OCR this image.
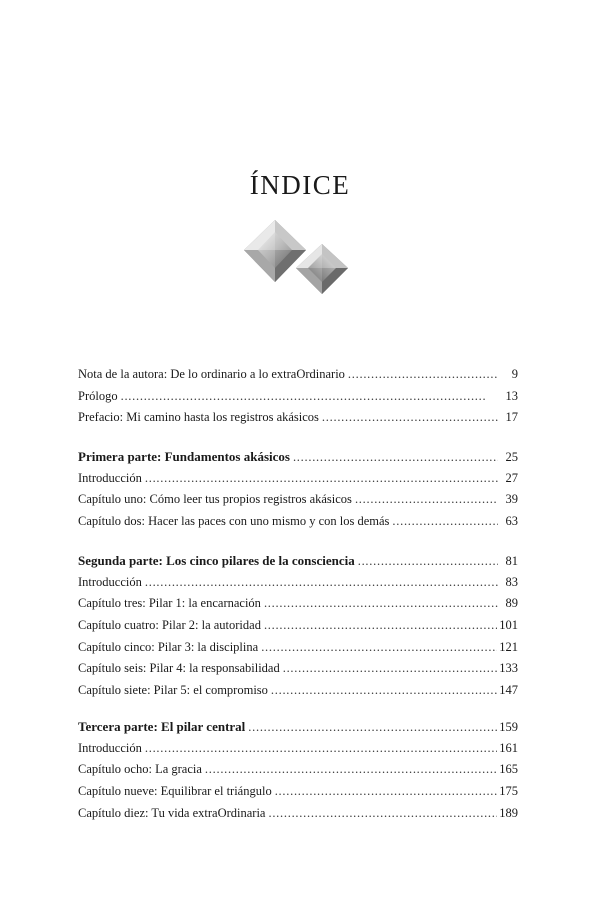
ÍNDICE
Nota de la autora: De lo ordinario a lo extraOrdinario . . .	9
Prólogo . . .	13
Prefacio: Mi camino hasta los registros akásicos . . .	17
Primera parte: Fundamentos akásicos . . .	25
Introducción . . .	27
Capítulo uno: Cómo leer tus propios registros akásicos . . .	39
Capítulo dos: Hacer las paces con uno mismo y con los demás . . .	63
Segunda parte: Los cinco pilares de la consciencia . . .	81
Introducción . . .	83
Capítulo tres: Pilar 1: la encarnación . . .	89
Capítulo cuatro: Pilar 2: la autoridad . . .	101
Capítulo cinco: Pilar 3: la disciplina . . .	121
Capítulo seis: Pilar 4: la responsabilidad . . .	133
Capítulo siete: Pilar 5: el compromiso . . .	147
Tercera parte: El pilar central . . .	159
Introducción . . .	161
Capítulo ocho: La gracia . . .	165
Capítulo nueve: Equilibrar el triángulo . . .	175
Capítulo diez: Tu vida extraOrdinaria . . .	189
